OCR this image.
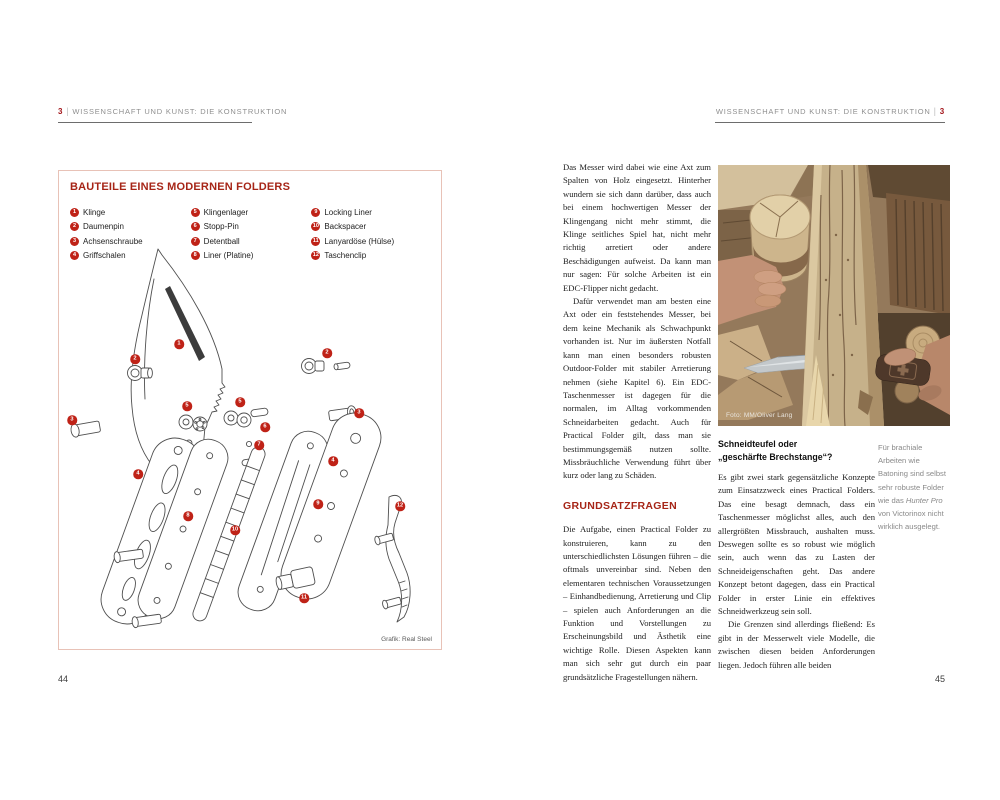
3 | WISSENSCHAFT UND KUNST: DIE KONSTRUKTION
BAUTEILE EINES MODERNEN FOLDERS
1 Klinge
2 Daumenpin
3 Achsenschraube
4 Griffschalen
5 Klingenlager
6 Stopp-Pin
7 Detentball
8 Liner (Platine)
9 Locking Liner
10 Backspacer
11 Lanyardöse (Hülse)
12 Taschenclip
1
2
2
3
3
4
4
5
5
6
7
8
9
10
11
12
Grafik: Real Steel
44
WISSENSCHAFT UND KUNST: DIE KONSTRUKTION | 3

Das Messer wird dabei wie eine Axt zum Spalten von Holz eingesetzt. Hinterher wundern sie sich dann darüber, dass auch bei einem hochwertigen Messer der Klingengang nicht mehr stimmt, die Klinge seitliches Spiel hat, nicht mehr richtig arretiert oder andere Beschädigungen aufweist. Da kann man nur sagen: Für solche Arbeiten ist ein EDC-Flipper nicht gedacht.

Dafür verwendet man am besten eine Axt oder ein feststehendes Messer, bei dem keine Mechanik als Schwachpunkt vorhanden ist. Nur im äußersten Notfall kann man einen besonders robusten Outdoor-Folder mit stabiler Arretierung nehmen (siehe Kapitel 6). Ein EDC-Taschenmesser ist dagegen für die normalen, im Alltag vorkommenden Schneidarbeiten gedacht. Auch für Practical Folder gilt, dass man sie bestimmungsgemäß nutzen sollte. Missbräuchliche Verwendung führt über kurz oder lang zu Schäden.

GRUNDSATZFRAGEN

Die Aufgabe, einen Practical Folder zu konstruieren, kann zu den unterschiedlichsten Lösungen führen – die oftmals unvereinbar sind. Neben den elementaren technischen Voraussetzungen – Einhandbedienung, Arretierung und Clip – spielen auch Anforderungen an die Funktion und Vorstellungen zu Erscheinungsbild und Ästhetik eine wichtige Rolle. Diesen Aspekten kann man sich sehr gut durch ein paar grundsätzliche Fragestellungen nähern.

Foto: MM/Oliver Lang
Schneidteufel oder
„geschärfte Brechstange“?

Es gibt zwei stark gegensätzliche Konzepte zum Einsatzzweck eines Practical Folders. Das eine besagt demnach, dass ein Taschenmesser möglichst alles, auch den allergrößten Missbrauch, aushalten muss. Deswegen sollte es so robust wie möglich sein, auch wenn das zu Lasten der Schneideigenschaften geht. Das andere Konzept betont dagegen, dass ein Practical Folder in erster Linie ein effektives Schneidwerkzeug sein soll.

Die Grenzen sind allerdings fließend: Es gibt in der Messerwelt viele Modelle, die zwischen diesen beiden Anforderungen liegen. Jedoch führen alle beiden

Für brachiale Arbeiten wie Batoning sind selbst sehr robuste Folder wie das Hunter Pro von Victorinox nicht wirklich ausgelegt.
45
